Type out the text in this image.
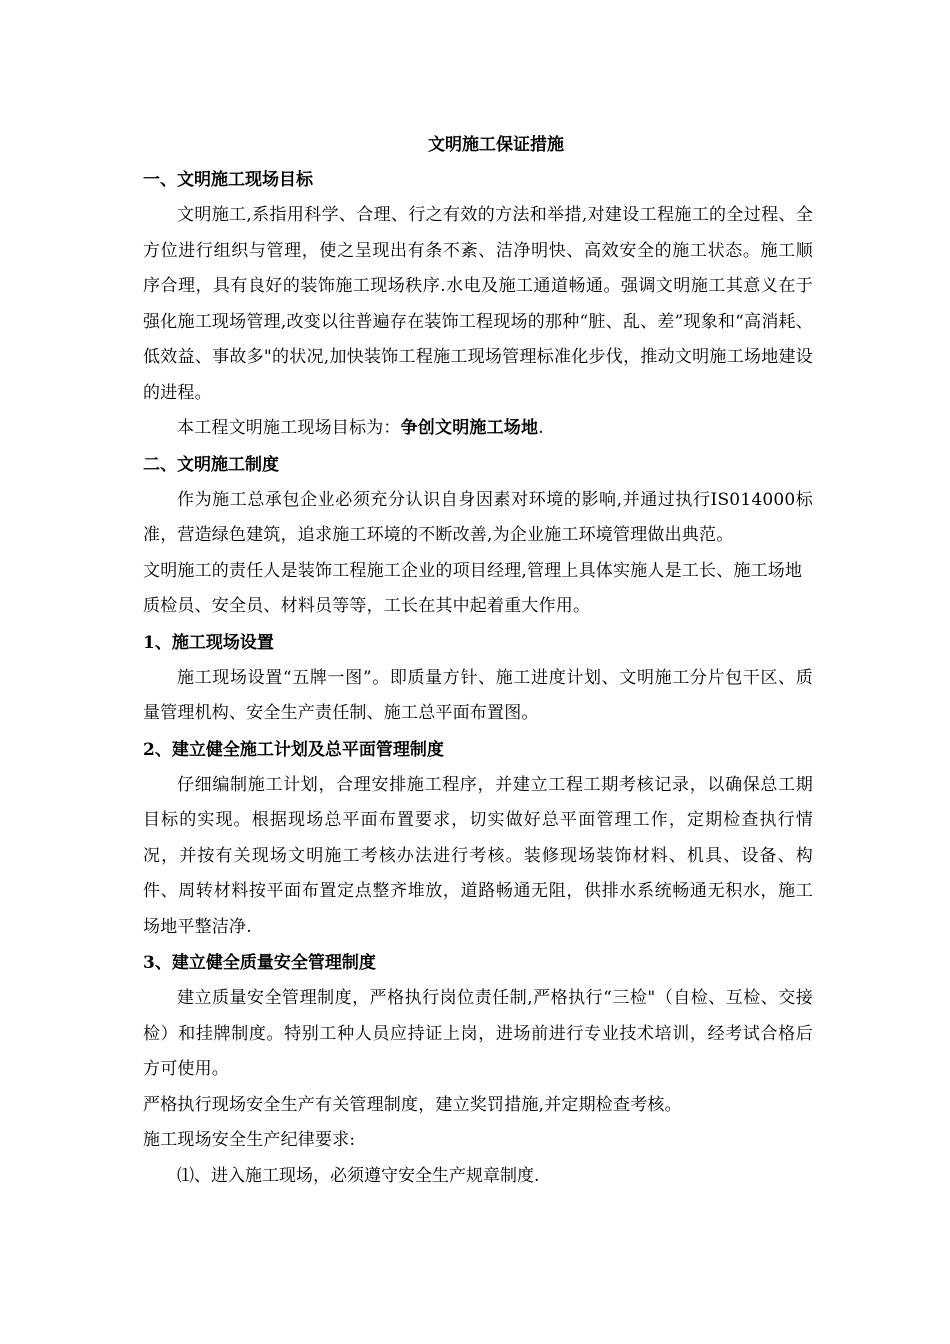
文明施工保证措施
一、文明施工现场目标
文明施工,系指用科学、合理、行之有效的方法和举措,对建设工程施工的全过程、全方位进行组织与管理，使之呈现出有条不紊、洁净明快、高效安全的施工状态。施工顺序合理，具有良好的装饰施工现场秩序.水电及施工通道畅通。强调文明施工其意义在于强化施工现场管理,改变以往普遍存在装饰工程现场的那种“脏、乱、差”现象和“高消耗、低效益、事故多"的状况,加快装饰工程施工现场管理标准化步伐，推动文明施工场地建设的进程。
本工程文明施工现场目标为：争创文明施工场地.
二、文明施工制度
作为施工总承包企业必须充分认识自身因素对环境的影响,并通过执行IS014000标准，营造绿色建筑，追求施工环境的不断改善,为企业施工环境管理做出典范。
文明施工的责任人是装饰工程施工企业的项目经理,管理上具体实施人是工长、施工场地质检员、安全员、材料员等等，工长在其中起着重大作用。
1、施工现场设置
施工现场设置“五牌一图”。即质量方针、施工进度计划、文明施工分片包干区、质量管理机构、安全生产责任制、施工总平面布置图。
2、建立健全施工计划及总平面管理制度
仔细编制施工计划，合理安排施工程序，并建立工程工期考核记录，以确保总工期目标的实现。根据现场总平面布置要求，切实做好总平面管理工作，定期检查执行情况，并按有关现场文明施工考核办法进行考核。装修现场装饰材料、机具、设备、构件、周转材料按平面布置定点整齐堆放，道路畅通无阻，供排水系统畅通无积水，施工场地平整洁净.
3、建立健全质量安全管理制度
建立质量安全管理制度，严格执行岗位责任制,严格执行“三检"（自检、互检、交接检）和挂牌制度。特别工种人员应持证上岗，进场前进行专业技术培训，经考试合格后方可使用。
严格执行现场安全生产有关管理制度，建立奖罚措施,并定期检查考核。
施工现场安全生产纪律要求:
⑴、进入施工现场，必须遵守安全生产规章制度.
